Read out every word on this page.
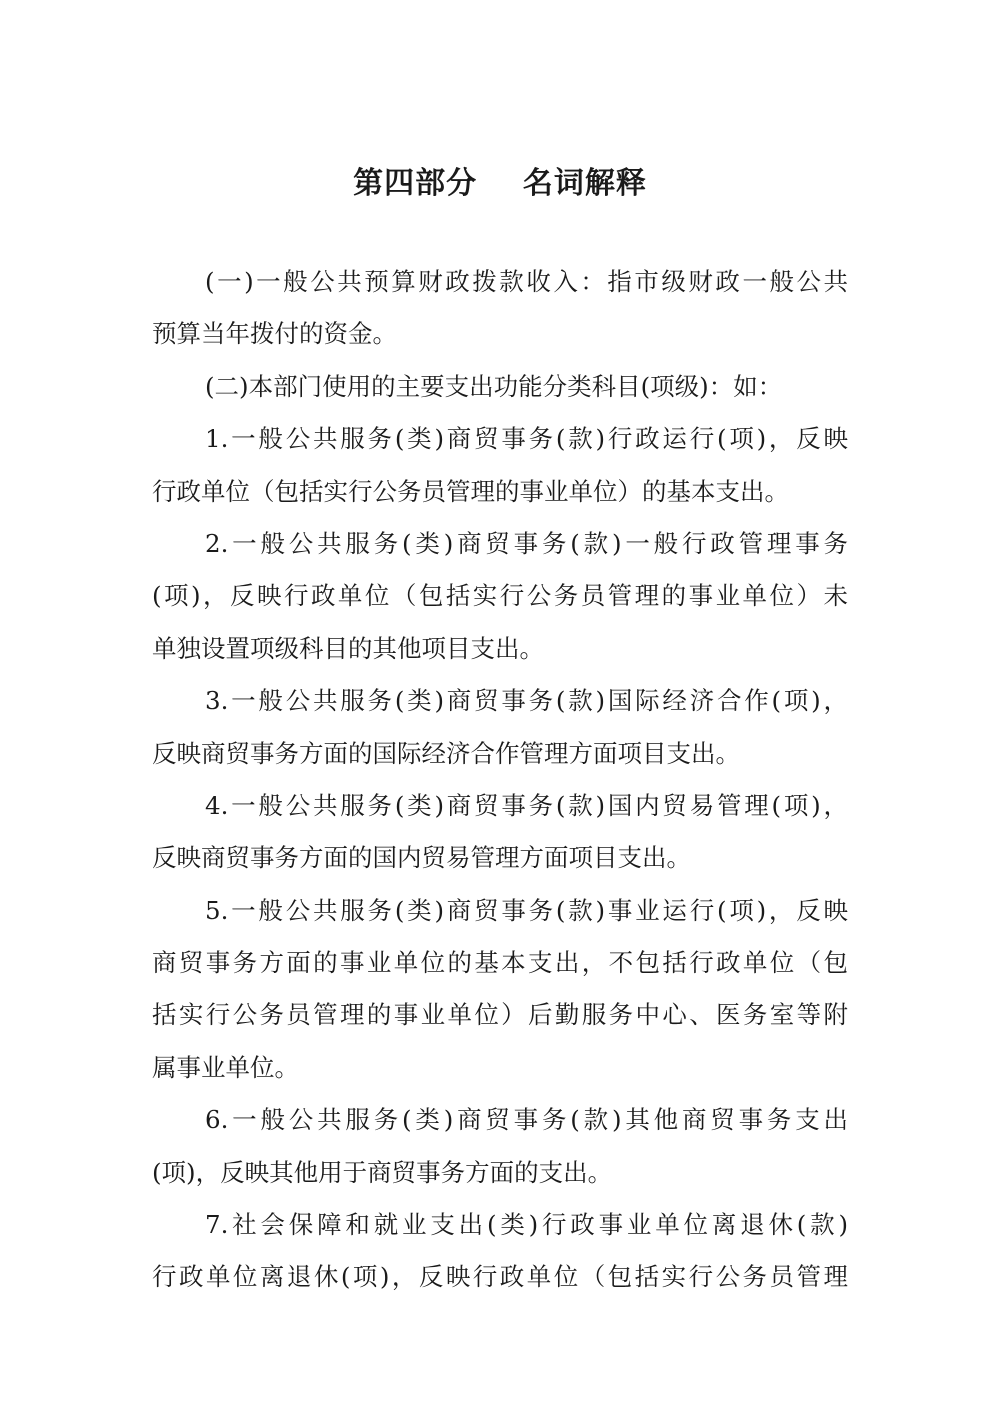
第四部分    名词解释
(一)一般公共预算财政拨款收入：指市级财政一般公共
预算当年拨付的资金。
(二)本部门使用的主要支出功能分类科目(项级)：如：
1.一般公共服务(类)商贸事务(款)行政运行(项)，反映
行政单位（包括实行公务员管理的事业单位）的基本支出。
2.一般公共服务(类)商贸事务(款)一般行政管理事务
(项)，反映行政单位（包括实行公务员管理的事业单位）未
单独设置项级科目的其他项目支出。
3.一般公共服务(类)商贸事务(款)国际经济合作(项)，
反映商贸事务方面的国际经济合作管理方面项目支出。
4.一般公共服务(类)商贸事务(款)国内贸易管理(项)，
反映商贸事务方面的国内贸易管理方面项目支出。
5.一般公共服务(类)商贸事务(款)事业运行(项)，反映
商贸事务方面的事业单位的基本支出，不包括行政单位（包
括实行公务员管理的事业单位）后勤服务中心、医务室等附
属事业单位。
6.一般公共服务(类)商贸事务(款)其他商贸事务支出
(项)，反映其他用于商贸事务方面的支出。
7.社会保障和就业支出(类)行政事业单位离退休(款)
行政单位离退休(项)，反映行政单位（包括实行公务员管理
